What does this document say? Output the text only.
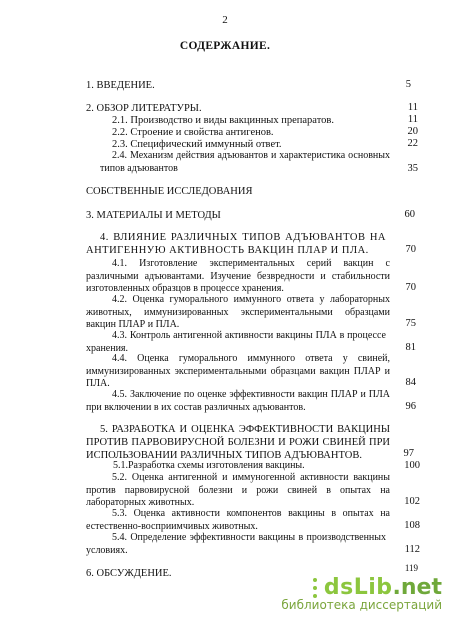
2
СОДЕРЖАНИЕ.
1. ВВЕДЕНИЕ.	5
2. ОБЗОР ЛИТЕРАТУРЫ.	11
2.1. Производство и виды вакцинных препаратов.	11
2.2. Строение и свойства антигенов.	20
2.3. Специфический иммунный ответ.	22
2.4. Механизм действия адъювантов и характеристика основных типов адъювантов	35
СОБСТВЕННЫЕ ИССЛЕДОВАНИЯ
3. МАТЕРИАЛЫ И МЕТОДЫ	60
4. ВЛИЯНИЕ РАЗЛИЧНЫХ ТИПОВ АДЪЮВАНТОВ НА АНТИГЕННУЮ АКТИВНОСТЬ ВАКЦИН ПЛАР И ПЛА.	70
4.1. Изготовление экспериментальных серий вакцин с различными адъювантами. Изучение безвредности и стабильности изготовленных образцов в процессе хранения.	70
4.2. Оценка гуморального иммунного ответа у лабораторных животных, иммунизированных экспериментальными образцами вакцин ПЛАР и ПЛА.	75
4.3. Контроль антигенной активности вакцины ПЛА в процессе хранения.	81
4.4. Оценка гуморального иммунного ответа у свиней, иммунизированных экспериментальными образцами вакцин ПЛАР и ПЛА.	84
4.5. Заключение по оценке эффективности вакцин ПЛАР и ПЛА при включении в их состав различных адъювантов.	96
5. РАЗРАБОТКА И ОЦЕНКА ЭФФЕКТИВНОСТИ ВАКЦИНЫ ПРОТИВ ПАРВОВИРУСНОЙ БОЛЕЗНИ И РОЖИ СВИНЕЙ ПРИ ИСПОЛЬЗОВАНИИ РАЗЛИЧНЫХ ТИПОВ АДЪЮВАНТОВ.	97
5.1.Разработка схемы изготовления вакцины.	100
5.2. Оценка антигенной и иммуногенной активности вакцины против парвовирусной болезни и рожи свиней в опытах на лабораторных животных.	102
5.3. Оценка активности компонентов вакцины в опытах на естественно-восприимчивых животных.	108
5.4. Определение эффективности вакцины в производственных условиях.	112
6. ОБСУЖДЕНИЕ.	119
dsLib .net
библиотека диссертаций
